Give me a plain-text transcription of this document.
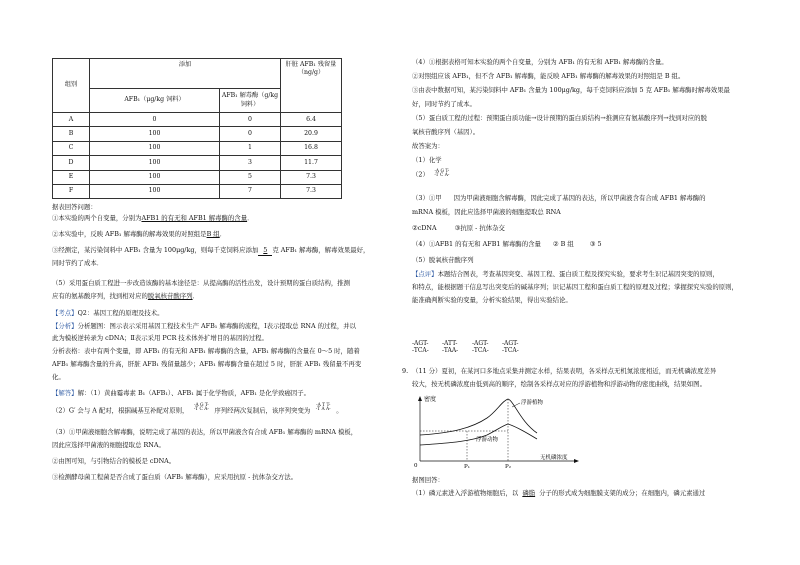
组别	添加		肝脏 AFB₁ 残留量（ng/g）
	AFB₁（μg/kg 饲料）	AFB₁ 解毒酶（g/kg 饲料）	
A	0	0	6.4
B	100	0	20.9
C	100	1	16.8
D	100	3	11.7
E	100	5	7.3
F	100	7	7.3

据表回答问题：

①本实验的两个自变量，分别为AFB1 的有无和 AFB1 解毒酶的含量．

②本实验中，反映 AFB₁ 解毒酶的解毒效果的对照组是B 组．

③经测定，某污染饲料中 AFB₁ 含量为 100μg/kg，则每千克饲料应添加 5 克 AFB₁ 解毒酶，解毒效果最好，

同时节约了成本．

（5）采用蛋白质工程进一步改造该酶的基本途径是：从提高酶的活性出发，设计预期的蛋白质结构，推测

应有的氨基酸序列，找到相对应的脱氧核苷酸序列．

【考点】Q2：基因工程的原理及技术。

【分析】分析题图：图示表示采用基因工程技术生产 AFB₁ 解毒酶的流程，Ⅰ表示提取总 RNA 的过程，并以

此为模板逆转录为 cDNA；Ⅱ表示采用 PCR 技术体外扩增目的基因的过程。

分析表格：表中有两个变量，即 AFB₁ 的有无和 AFB₁ 解毒酶的含量，AFB₁ 解毒酶的含量在 0～5 时，随着

AFB₁ 解毒酶含量的升高，肝脏 AFB₁ 残留量越少；AFB₁ 解毒酶含量在超过 5 时，肝脏 AFB₁ 残留量不再变

化。

【解答】解：（1）黄曲霉毒素 B₁（AFB₁）、AFB₁ 属于化学物质，AFB₁ 是化学致癌因子。

（2）G′ 会与 A 配对，根据碱基互补配对原则，
-A G T-
-T C A- 序列经两次复制后，该序列突变为
-A T T-
-T A A- 。

（3）①甲菌液细胞含解毒酶，说明完成了基因的表达，所以甲菌液含有合成 AFB₁ 解毒酶的 mRNA 模板，

因此应选择甲菌液的细胞提取总 RNA。

②由图可知，与引物结合的模板是 cDNA。

③检测酵母菌工程菌是否合成了蛋白质（AFB₁ 解毒酶），应采用抗原 - 抗体杂交方法。

（4）①根据表格可知本实验的两个自变量，分别为 AFB₁ 的有无和 AFB₁ 解毒酶的含量。

②对照组应该 AFB₁，但不含 AFB₁ 解毒酶，能反映 AFB₁ 解毒酶的解毒效果的对照组是 B 组。

③由表中数据可知，某污染饲料中 AFB₁ 含量为 100μg/kg，每千克饲料应添加 5 克 AFB₁ 解毒酶时解毒效果最

好，同时节约了成本。

（5）蛋白质工程的过程：预期蛋白质功能→设计预期的蛋白质结构→推测应有氨基酸序列→找到对应的脱

氧核苷酸序列（基因）。

故答案为：

（1）化学

（2）	-A G T-
-T C A-

（3）①甲 因为甲菌液细胞含解毒酶，因此完成了基因的表达，所以甲菌液含有合成 AFB1 解毒酶的

mRNA 模板，因此应选择甲菌液的细胞提取总 RNA

②cDNA	③抗原 - 抗体杂交

（4）①AFB1 的有无和 AFB1 解毒酶的含量 ② B 组	③ 5

（5）脱氧核苷酸序列

【点评】本题结合图表，考查基因突变、基因工程、蛋白质工程及探究实验，要求考生识记基因突变的原则，

和特点，能根据题干信息写出突变后的碱基序列；识记基因工程和蛋白质工程的原理及过程；掌握探究实验的原则，

能准确判断实验的变量，分析实验结果，得出实验结论。

-AGT-
-TCA-
-ATT-
-TAA-
-AGT-
-TCA-
-AGT-
-TCA-

9. （11 分）夏初，在某河口多地点采集并测定水样，结果表明，各采样点无机氮浓度相近，而无机磷浓度差异

较大，按无机磷浓度由低到高的顺序，绘制各采样点对应的浮游植物和浮游动物的密度曲线，结果如图。

密度
0
浮游植物
浮游动物
P₁	P₂
无机磷浓度

据图回答：

（1）磷元素进入浮游植物细胞后，以 磷脂 分子的形式成为细胞膜支架的成分；在细胞内，磷元素通过
